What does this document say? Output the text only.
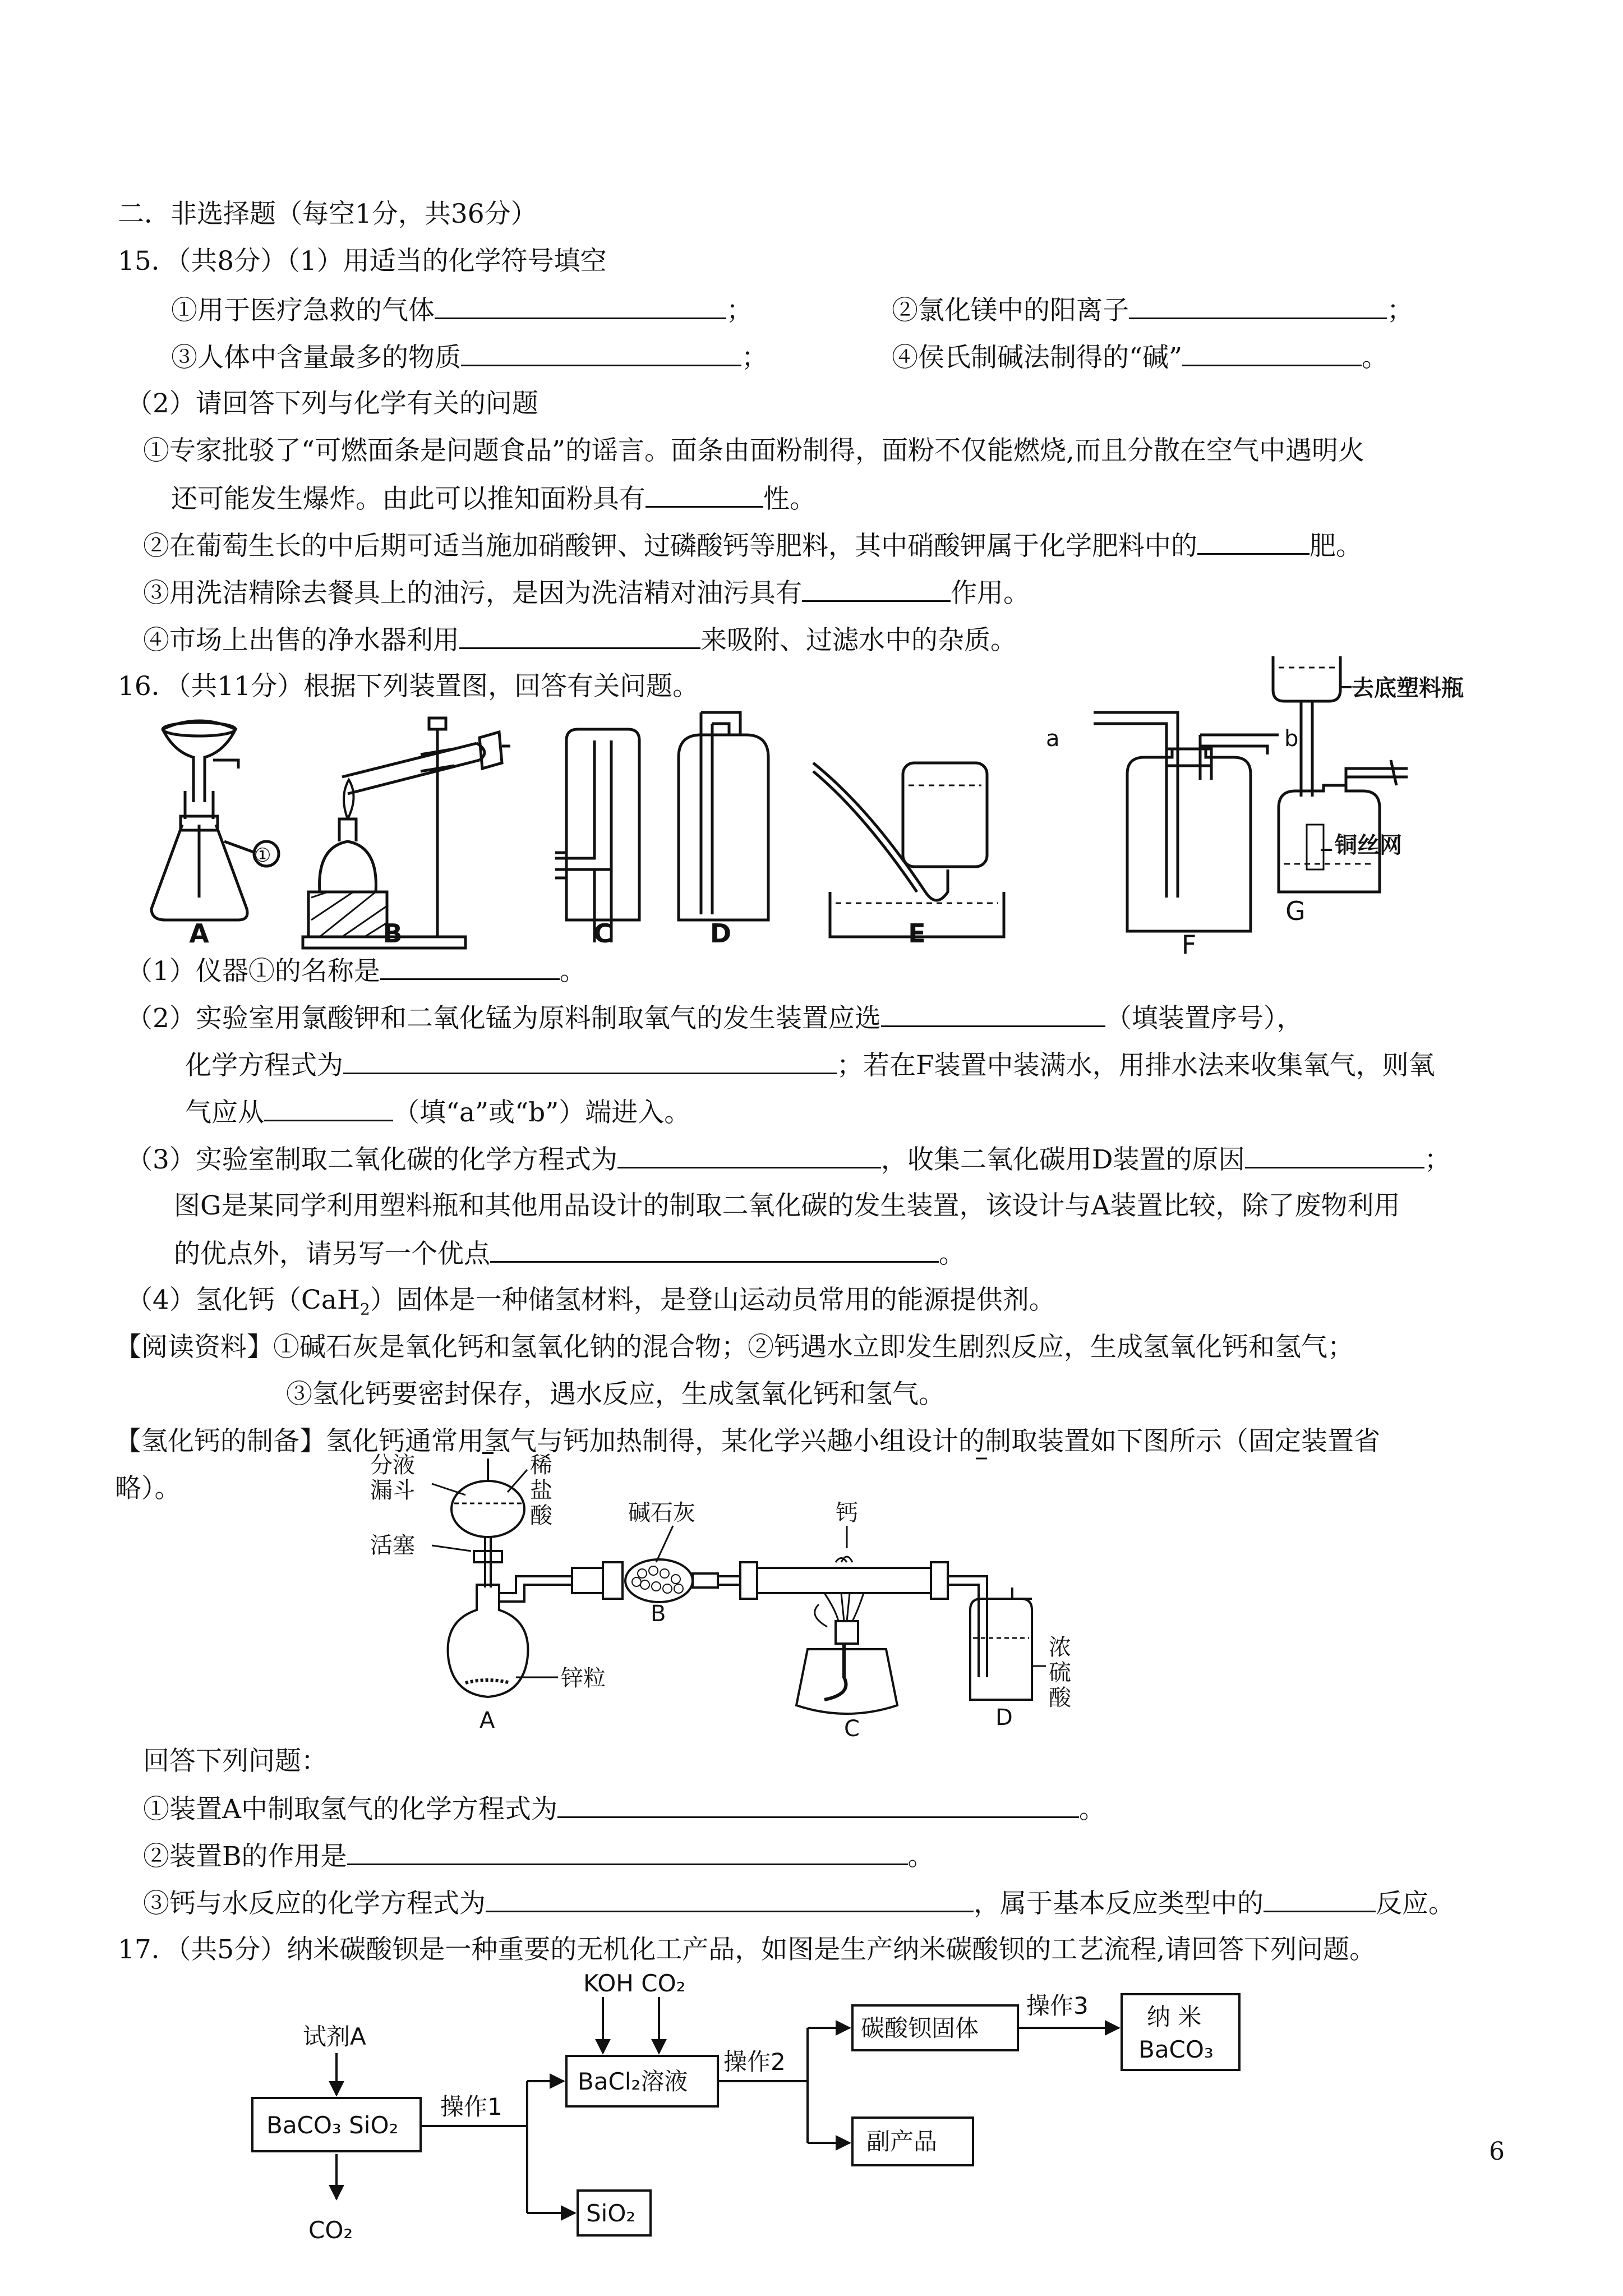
二．非选择题（每空1分，共36分）
15．（共8分）（1）用适当的化学符号填空
①用于医疗急救的气体	；	②氯化镁中的阳离子	；
③人体中含量最多的物质	；	④侯氏制碱法制得的“碱”	。
（2）请回答下列与化学有关的问题
①专家批驳了“可燃面条是问题食品”的谣言。面条由面粉制得，面粉不仅能燃烧,而且分散在空气中遇明火
还可能发生爆炸。由此可以推知面粉具有	性。
②在葡萄生长的中后期可适当施加硝酸钾、过磷酸钙等肥料，其中硝酸钾属于化学肥料中的	肥。
③用洗洁精除去餐具上的油污，是因为洗洁精对油污具有	作用。
④市场上出售的净水器利用	来吸附、过滤水中的杂质。
16．（共11分）根据下列装置图，回答有关问题。
A	B	C	D	E	F
G
a	b
①
去底塑料瓶
铜丝网
（1）仪器①的名称是	。
（2）实验室用氯酸钾和二氧化锰为原料制取氧气的发生装置应选	（填装置序号），
化学方程式为	；若在F装置中装满水，用排水法来收集氧气，则氧
气应从	（填“a”或“b”）端进入。
（3）实验室制取二氧化碳的化学方程式为	，收集二氧化碳用D装置的原因	；
图G是某同学利用塑料瓶和其他用品设计的制取二氧化碳的发生装置，该设计与A装置比较，除了废物利用
的优点外，请另写一个优点	。
（4）氢化钙（CaH$_2$）固体是一种储氢材料，是登山运动员常用的能源提供剂。
【阅读资料】①碱石灰是氧化钙和氢氧化钠的混合物；②钙遇水立即发生剧烈反应，生成氢氧化钙和氢气；
③氢化钙要密封保存，遇水反应，生成氢氧化钙和氢气。
【氢化钙的制备】氢化钙通常用氢气与钙加热制得，某化学兴趣小组设计的制取装置如下图所示（固定装置省
略）。
分液
漏斗
稀
盐
酸
活塞
碱石灰	钙
锌粒
浓
硫
酸
A
B
C	D
回答下列问题：
①装置A中制取氢气的化学方程式为	。
②装置B的作用是	。
③钙与水反应的化学方程式为	，属于基本反应类型中的	反应。
17．（共5分）纳米碳酸钡是一种重要的无机化工产品，如图是生产纳米碳酸钡的工艺流程,请回答下列问题。
试剂A
BaCO₃ SiO₂
CO₂
操作1
SiO₂
KOH CO₂
BaCl₂溶液
操作2
碳酸钡固体
副产品
操作3 纳 米
BaCO₃
6
